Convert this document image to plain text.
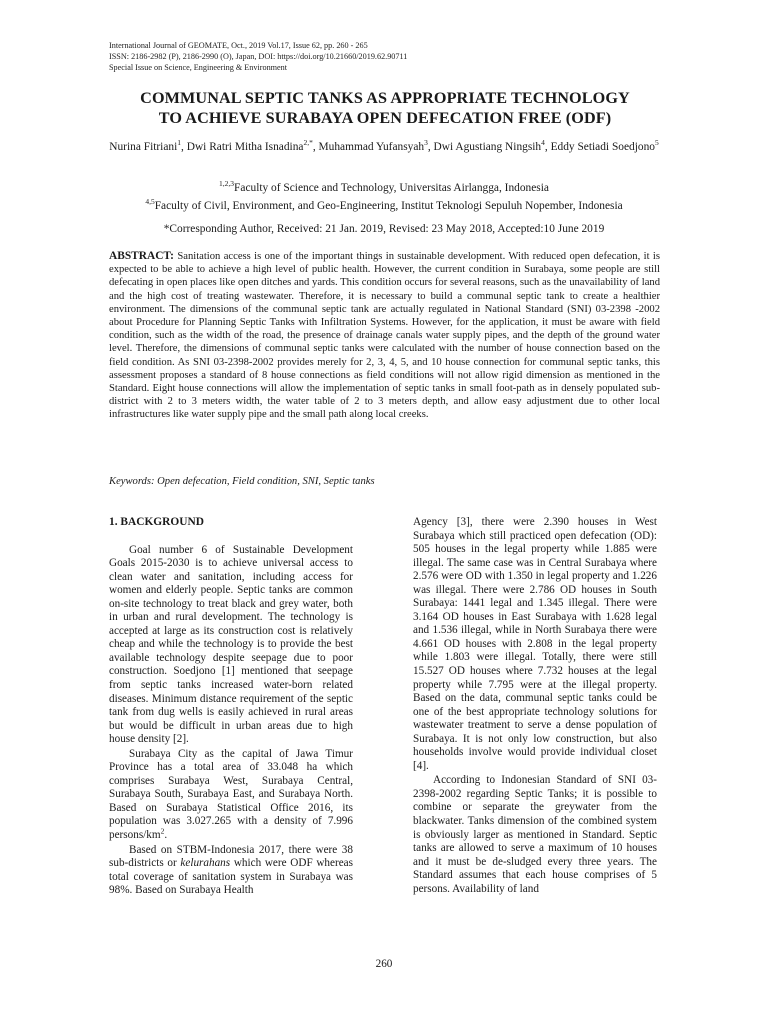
International Journal of GEOMATE, Oct., 2019 Vol.17, Issue 62, pp. 260 - 265
ISSN: 2186-2982 (P), 2186-2990 (O), Japan, DOI: https://doi.org/10.21660/2019.62.90711
Special Issue on Science, Engineering & Environment
COMMUNAL SEPTIC TANKS AS APPROPRIATE TECHNOLOGY
TO ACHIEVE SURABAYA OPEN DEFECATION FREE (ODF)
Nurina Fitriani$^1$, Dwi Ratri Mitha Isnadina$^{2,*}$, Muhammad Yufansyah$^3$, Dwi Agustiang Ningsih$^4$, Eddy Setiadi Soedjono$^5$
$^{1,2,3}$Faculty of Science and Technology, Universitas Airlangga, Indonesia
$^{4,5}$Faculty of Civil, Environment, and Geo-Engineering, Institut Teknologi Sepuluh Nopember, Indonesia
*Corresponding Author, Received: 21 Jan. 2019, Revised: 23 May 2018, Accepted:10 June 2019
ABSTRACT: Sanitation access is one of the important things in sustainable development. With reduced open defecation, it is expected to be able to achieve a high level of public health. However, the current condition in Surabaya, some people are still defecating in open places like open ditches and yards. This condition occurs for several reasons, such as the unavailability of land and the high cost of treating wastewater. Therefore, it is necessary to build a communal septic tank to create a healthier environment. The dimensions of the communal septic tank are actually regulated in National Standard (SNI) 03-2398 -2002 about Procedure for Planning Septic Tanks with Infiltration Systems. However, for the application, it must be aware with field condition, such as the width of the road, the presence of drainage canals water supply pipes, and the depth of the ground water level. Therefore, the dimensions of communal septic tanks were calculated with the number of house connection based on the field condition. As SNI 03-2398-2002 provides merely for 2, 3, 4, 5, and 10 house connection for communal septic tanks, this assessment proposes a standard of 8 house connections as field conditions will not allow rigid dimension as mentioned in the Standard. Eight house connections will allow the implementation of septic tanks in small foot-path as in densely populated sub-district with 2 to 3 meters width, the water table of 2 to 3 meters depth, and allow easy adjustment due to other local infrastructures like water supply pipe and the small path along local creeks.
Keywords: Open defecation, Field condition, SNI, Septic tanks
1. BACKGROUND

Goal number 6 of Sustainable Development Goals 2015-2030 is to achieve universal access to clean water and sanitation, including access for women and elderly people. Septic tanks are common on-site technology to treat black and grey water, both in urban and rural development. The technology is accepted at large as its construction cost is relatively cheap and while the technology is to provide the best available technology despite seepage due to poor construction. Soedjono [1] mentioned that seepage from septic tanks increased water-born related diseases. Minimum distance requirement of the septic tank from dug wells is easily achieved in rural areas but would be difficult in urban areas due to high house density [2].

Surabaya City as the capital of Jawa Timur Province has a total area of 33.048 ha which comprises Surabaya West, Surabaya Central, Surabaya South, Surabaya East, and Surabaya North. Based on Surabaya Statistical Office 2016, its population was 3.027.265 with a density of 7.996 persons/$km^2$.

Based on STBM-Indonesia 2017, there were 38 sub-districts or kelurahans which were ODF whereas total coverage of sanitation system in Surabaya was 98%. Based on Surabaya Health

Agency [3], there were 2.390 houses in West Surabaya which still practiced open defecation (OD): 505 houses in the legal property while 1.885 were illegal. The same case was in Central Surabaya where 2.576 were OD with 1.350 in legal property and 1.226 was illegal. There were 2.786 OD houses in South Surabaya: 1441 legal and 1.345 illegal. There were 3.164 OD houses in East Surabaya with 1.628 legal and 1.536 illegal, while in North Surabaya there were 4.661 OD houses with 2.808 in the legal property while 1.803 were illegal. Totally, there were still 15.527 OD houses where 7.732 houses at the legal property while 7.795 were at the illegal property. Based on the data, communal septic tanks could be one of the best appropriate technology solutions for wastewater treatment to serve a dense population of Surabaya. It is not only low construction, but also households involve would provide individual closet [4].

According to Indonesian Standard of SNI 03-2398-2002 regarding Septic Tanks; it is possible to combine or separate the greywater from the blackwater. Tanks dimension of the combined system is obviously larger as mentioned in Standard. Septic tanks are allowed to serve a maximum of 10 houses and it must be de-sludged every three years. The Standard assumes that each house comprises of 5 persons. Availability of land

260
